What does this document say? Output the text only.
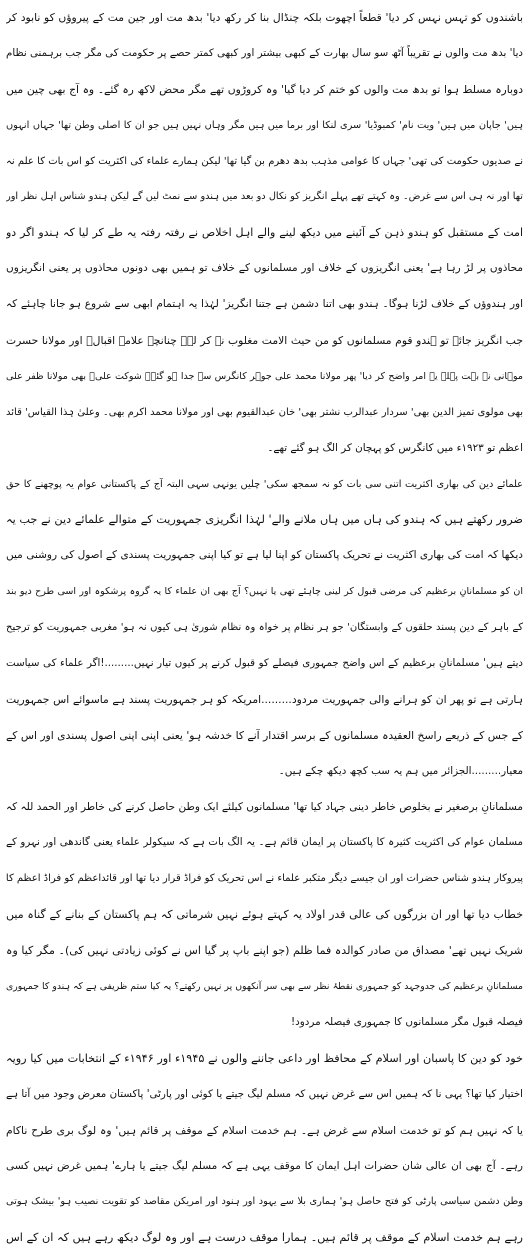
باشندوں کو تہس نہس کر دیا' قطعاً اچھوت بلکہ چنڈال بنا کر رکھ دیا' بدھ مت اور جین مت کے پیروؤں کو نابود کر
دیا' بدھ مت والوں نے تقریباً آٹھ سو سال بھارت کے کبھی بیشتر اور کبھی کمتر حصے پر حکومت کی مگر جب برہمنی نظام
دوبارہ مسلط ہوا تو بدھ مت والوں کو ختم کر دیا گیا' وہ کروڑوں تھے مگر محض لاکھ رہ گئے۔ وہ آج بھی چین میں
ہیں' جاپان میں ہیں' ویت نام' کمبوڈیا' سری لنکا اور برما میں ہیں مگر وہاں نہیں ہیں جو ان کا اصلی وطن تھا' جہاں انہوں
نے صدیوں حکومت کی تھی' جہاں کا عوامی مذہب بدھ دھرم بن گیا تھا' لیکن ہمارے علماء کی اکثریت کو اس بات کا علم نہ
تھا اور نہ ہی اس سے غرض۔ وہ کہتے تھے پہلے انگریز کو نکال دو بعد میں ہندو سے نمٹ لیں گے لیکن ہندو شناس اہل نظر اور
امت کے مستقبل کو ہندو ذہن کے آئینے میں دیکھ لینے والے اہل اخلاص نے رفتہ رفتہ یہ طے کر لیا کہ ہندو اگر دو
محاذوں پر لڑ رہا ہے' یعنی انگریزوں کے خلاف اور مسلمانوں کے خلاف تو ہمیں بھی دونوں محاذوں پر یعنی انگریزوں
اور ہندوؤں کے خلاف لڑنا ہوگا۔ ہندو بھی اتنا دشمن ہے جتنا انگریز' لہٰذا یہ اہتمام ابھی سے شروع ہو جانا چاہئے کہ
جب انگریز جائے تو ہندو قوم مسلمانوں کو من حیث الامت مغلوب نہ کر لے۔ چنانچہ علامہ اقبالؒ اور مولانا حسرت
موہانی نے بہت پہلے یہ امر واضح کر دیا' پھر مولانا محمد علی جوہر کانگرس سے جدا ہو گئے۔ شوکت علیؒ بھی مولانا ظفر علی
بھی مولوی تمیز الدین بھی' سردار عبدالرب نشتر بھی' خان عبدالقیوم بھی اور مولانا محمد اکرم بھی۔ وعلیٰ ہٰذا القیاس' قائد
اعظم تو ۱۹۲۳ء میں کانگرس کو پہچان کر الگ ہو گئے تھے۔
علمائے دین کی بھاری اکثریت اتنی سی بات کو نہ سمجھ سکی' چلیں یونہی سہی البتہ آج کے پاکستانی عوام یہ پوچھنے کا حق
ضرور رکھتے ہیں کہ ہندو کی ہاں میں ہاں ملانے والے' لہٰذا انگریزی جمہوریت کے متوالے علمائے دین نے جب یہ
دیکھا کہ امت کی بھاری اکثریت نے تحریک پاکستان کو اپنا لیا ہے تو کیا اپنی جمہوریت پسندی کے اصول کی روشنی میں
ان کو مسلمانانِ برعظیم کی مرضی قبول کر لینی چاہئے تھی یا نہیں؟ آج بھی ان علماء کا یہ گروہ پرشکوہ اور اسی طرح دیو بند
کے باہر کے دین پسند حلقوں کے وابستگان' جو ہر نظام پر خواہ وہ نظام شوریٰ ہی کیوں نہ ہو' مغربی جمہوریت کو ترجیح
دیتے ہیں' مسلمانانِ برعظیم کے اس واضح جمہوری فیصلے کو قبول کرنے پر کیوں تیار نہیں.........!اگر علماء کی سیاست
ہارتی ہے تو پھر ان کو ہرانے والی جمہوریت مردود.........امریکہ کو ہر جمہوریت پسند ہے ماسوائے اس جمہوریت
کے جس کے ذریعے راسخ العقیدہ مسلمانوں کے برسر اقتدار آنے کا خدشہ ہو' یعنی اپنی اپنی اصول پسندی اور اس کے
معیار.........الجزائر میں ہم یہ سب کچھ دیکھ چکے ہیں۔
مسلمانانِ برصغیر نے بخلوص خاطر دینی جہاد کیا تھا' مسلمانوں کیلئے ایک وطن حاصل کرنے کی خاطر اور الحمد للہ کہ
مسلمان عوام کی اکثریت کثیرہ کا پاکستان پر ایمان قائم ہے۔ یہ الگ بات ہے کہ سیکولر علماء یعنی گاندھی اور نہرو کے
پیروکار ہندو شناس حضرات اور ان جیسے دیگر متکبر علماء نے اس تحریک کو فراڈ قرار دیا تھا اور قائداعظم کو فراڈ اعظم کا
خطاب دیا تھا اور ان بزرگوں کی عالی قدر اولاد یہ کہتے ہوئے نہیں شرماتی کہ ہم پاکستان کے بنانے کے گناہ میں
شریک نہیں تھے' مصداق من صادر کوالدہ فما ظلم (جو اپنے باپ پر گیا اس نے کوئی زیادتی نہیں کی)۔ مگر کیا وہ
مسلمانانِ برعظیم کی جدوجہد کو جمہوری نقطۂ نظر سے بھی سر آنکھوں پر نہیں رکھتے؟ یہ کیا ستم ظریفی ہے کہ ہندو کا جمہوری
فیصلہ قبول مگر مسلمانوں کا جمہوری فیصلہ مردود!
خود کو دین کا پاسبان اور اسلام کے محافظ اور داعی جاننے والوں نے ۱۹۴۵ء اور ۱۹۴۶ء کے انتخابات میں کیا رویہ
اختیار کیا تھا؟ یہی نا کہ ہمیں اس سے غرض نہیں کہ مسلم لیگ جیتے یا کوئی اور پارٹی' پاکستان معرض وجود میں آتا ہے
یا کہ نہیں ہم کو تو خدمت اسلام سے غرض ہے۔ ہم خدمت اسلام کے موقف پر قائم ہیں' وہ لوگ بری طرح ناکام
رہے۔ آج بھی ان عالی شان حضرات اہل ایمان کا موقف یہی ہے کہ مسلم لیگ جیتے یا ہارے' ہمیں غرض نہیں کسی
وطن دشمن سیاسی پارٹی کو فتح حاصل ہو' ہماری بلا سے یہود اور ہنود اور امریکن مقاصد کو تقویت نصیب ہو' بیشک ہوتی
رہے ہم خدمت اسلام کے موقف پر قائم ہیں۔ ہمارا موقف درست ہے اور وہ لوگ دیکھ رہے ہیں کہ ان کے اس
